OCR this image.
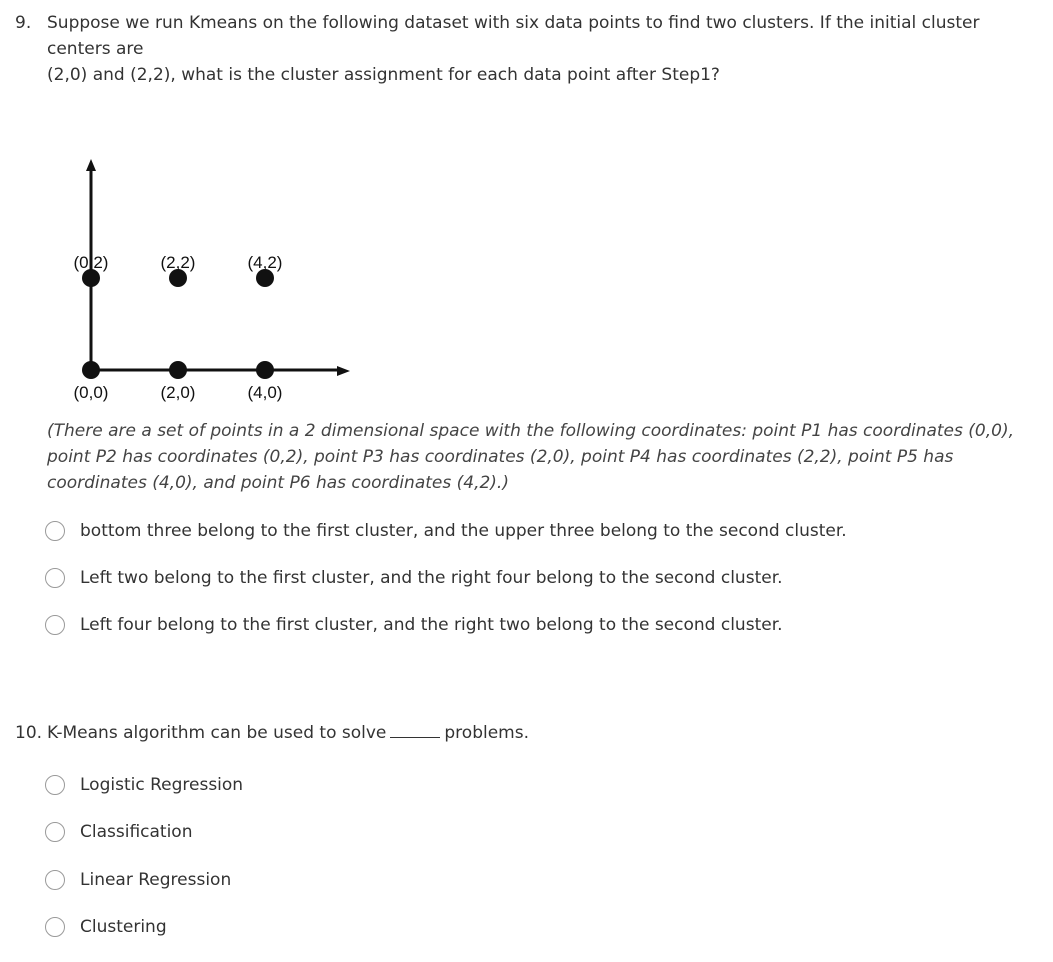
9. Suppose we run Kmeans on the following dataset with six data points to find two clusters. If the initial cluster centers are
(2,0) and (2,2), what is the cluster assignment for each data point after Step1?
(0,2)	(2,2)	(4,2)
(0,0)	(2,0)	(4,0)
(There are a set of points in a 2 dimensional space with the following coordinates: point P1 has coordinates (0,0), point P2 has coordinates (0,2), point P3 has coordinates (2,0), point P4 has coordinates (2,2), point P5 has coordinates (4,0), and point P6 has coordinates (4,2).)
bottom three belong to the first cluster, and the upper three belong to the second cluster.
Left two belong to the first cluster, and the right four belong to the second cluster.
Left four belong to the first cluster, and the right two belong to the second cluster.
10. K-Means algorithm can be used to solve	problems.
Logistic Regression
Classification
Linear Regression
Clustering
